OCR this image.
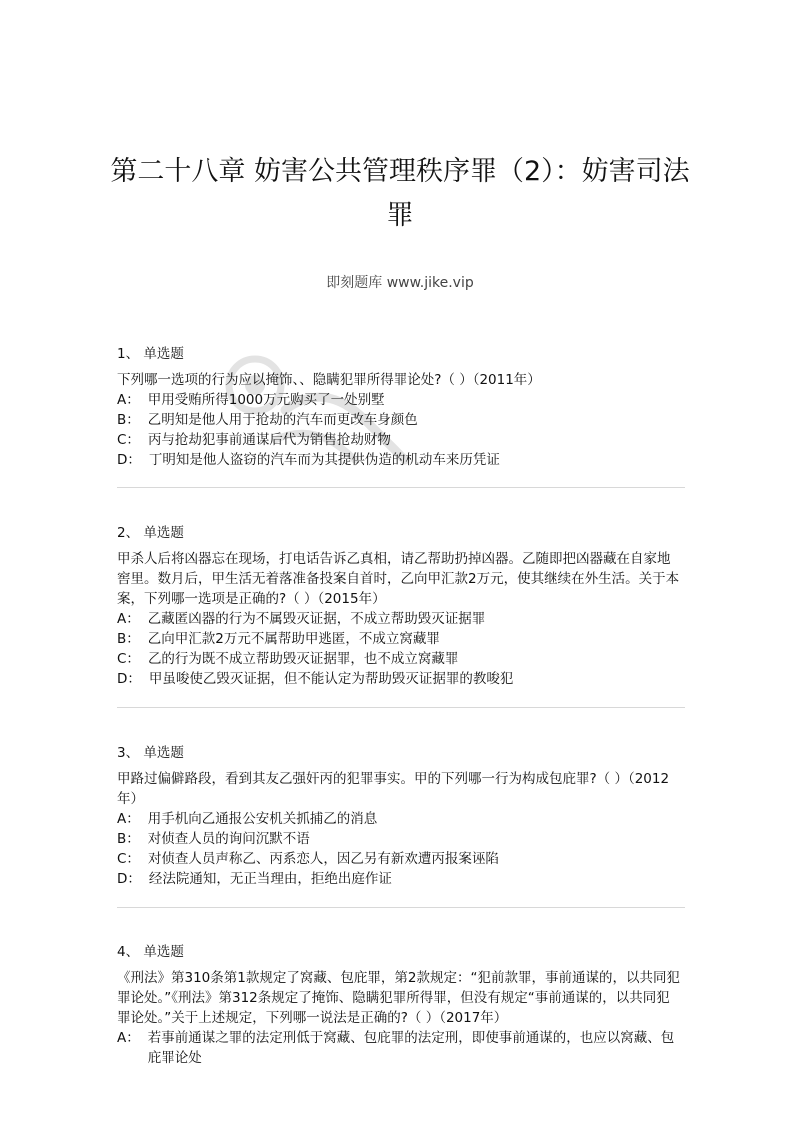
第二十八章 妨害公共管理秩序罪（2）：妨害司法罪
即刻题库 www.jike.vip
1、 单选题

下列哪一选项的行为应以掩饰、、隐瞒犯罪所得罪论处?（ ）（2011年）

A： 甲用受贿所得1000万元购买了一处别墅
B： 乙明知是他人用于抢劫的汽车而更改车身颜色
C： 丙与抢劫犯事前通谋后代为销售抢劫财物
D： 丁明知是他人盗窃的汽车而为其提供伪造的机动车来历凭证
2、 单选题

甲杀人后将凶器忘在现场，打电话告诉乙真相，请乙帮助扔掉凶器。乙随即把凶器藏在自家地窖里。数月后，甲生活无着落准备投案自首时，乙向甲汇款2万元，使其继续在外生活。关于本案，下列哪一选项是正确的?（ ）（2015年）

A： 乙藏匿凶器的行为不属毁灭证据，不成立帮助毁灭证据罪
B： 乙向甲汇款2万元不属帮助甲逃匿，不成立窝藏罪
C： 乙的行为既不成立帮助毁灭证据罪，也不成立窝藏罪
D： 甲虽唆使乙毁灭证据，但不能认定为帮助毁灭证据罪的教唆犯
3、 单选题

甲路过偏僻路段，看到其友乙强奸丙的犯罪事实。甲的下列哪一行为构成包庇罪?（ ）（2012年）

A： 用手机向乙通报公安机关抓捕乙的消息
B： 对侦查人员的询问沉默不语
C： 对侦查人员声称乙、丙系恋人，因乙另有新欢遭丙报案诬陷
D： 经法院通知，无正当理由，拒绝出庭作证
4、 单选题

《刑法》第310条第1款规定了窝藏、包庇罪，第2款规定：“犯前款罪，事前通谋的，以共同犯罪论处。”《刑法》第312条规定了掩饰、隐瞒犯罪所得罪，但没有规定“事前通谋的，以共同犯罪论处。”关于上述规定，下列哪一说法是正确的?（ ）（2017年）

A： 若事前通谋之罪的法定刑低于窝藏、包庇罪的法定刑，即使事前通谋的，也应以窝藏、包庇罪论处
